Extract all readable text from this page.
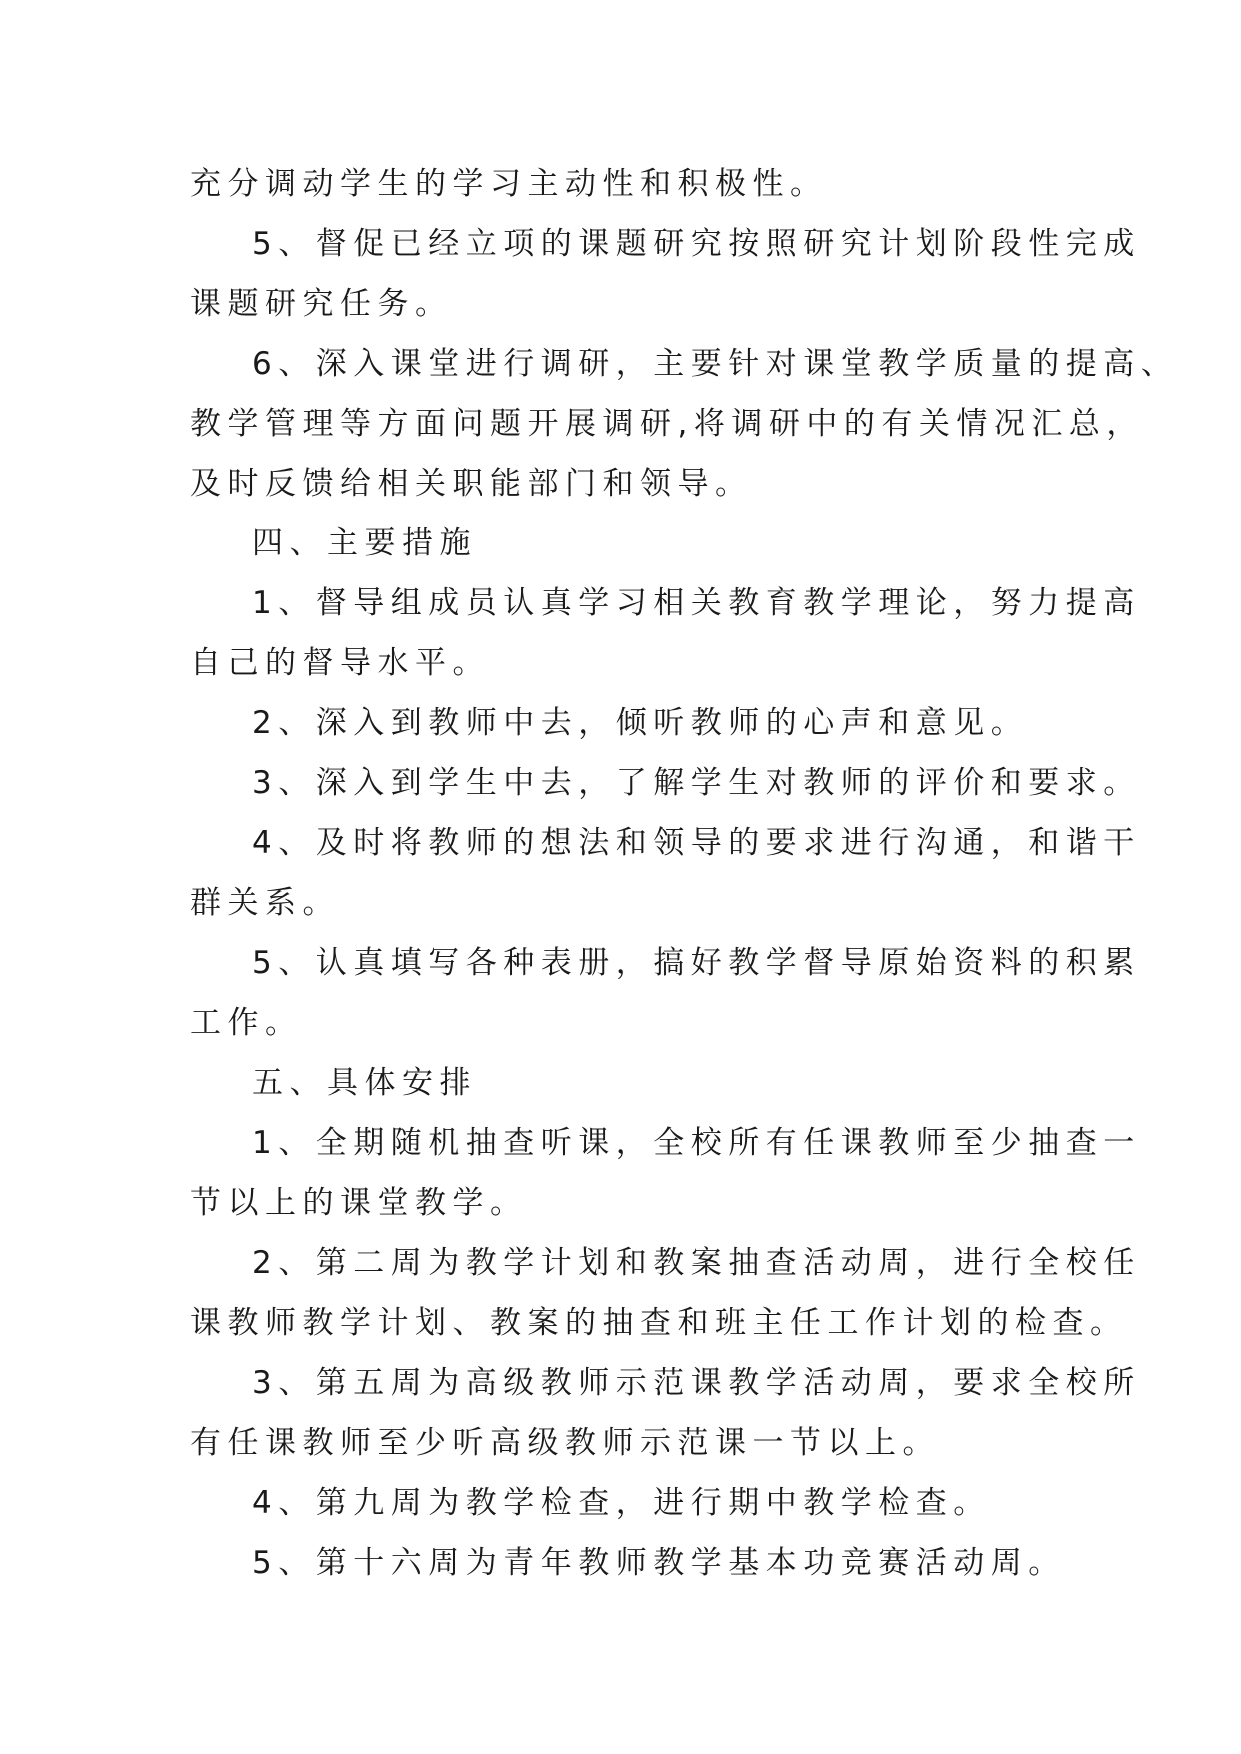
充分调动学生的学习主动性和积极性。
5、督促已经立项的课题研究按照研究计划阶段性完成
课题研究任务。
6、深入课堂进行调研，主要针对课堂教学质量的提高、
教学管理等方面问题开展调研,将调研中的有关情况汇总，
及时反馈给相关职能部门和领导。
四、主要措施
1、督导组成员认真学习相关教育教学理论，努力提高
自己的督导水平。
2、深入到教师中去，倾听教师的心声和意见。
3、深入到学生中去，了解学生对教师的评价和要求。
4、及时将教师的想法和领导的要求进行沟通，和谐干
群关系。
5、认真填写各种表册，搞好教学督导原始资料的积累
工作。
五、具体安排
1、全期随机抽查听课，全校所有任课教师至少抽查一
节以上的课堂教学。
2、第二周为教学计划和教案抽查活动周，进行全校任
课教师教学计划、教案的抽查和班主任工作计划的检查。
3、第五周为高级教师示范课教学活动周，要求全校所
有任课教师至少听高级教师示范课一节以上。
4、第九周为教学检查，进行期中教学检查。
5、第十六周为青年教师教学基本功竞赛活动周。
